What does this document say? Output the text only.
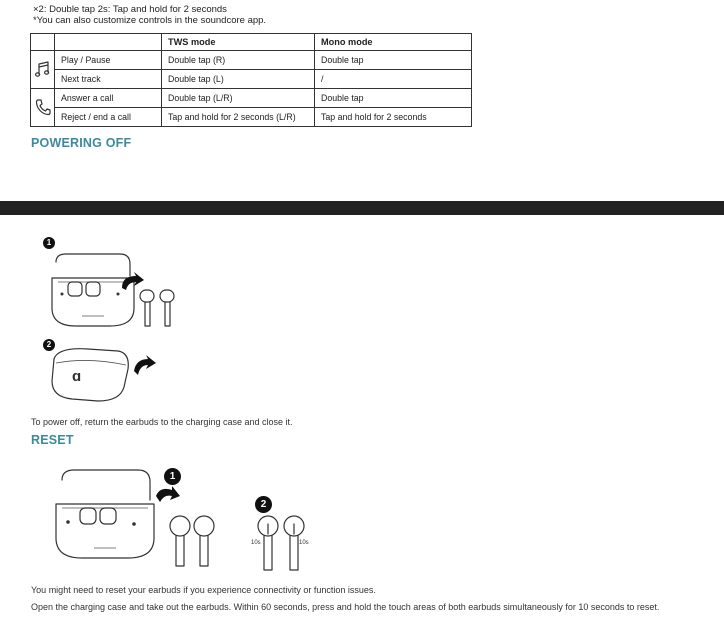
×2: Double tap 2s: Tap and hold for 2 seconds
*You can also customize controls in the soundcore app.
		TWS mode	Mono mode
	Play / Pause	Double tap (R)	Double tap
	Next track	Double tap (L)	/
	Answer a call	Double tap (L/R)	Double tap
	Reject / end a call	Tap and hold for 2 seconds (L/R)	Tap and hold for 2 seconds
POWERING OFF
1
2
ɑ
To power off, return the earbuds to the charging case and close it.
RESET
1
2
10s	10s
You might need to reset your earbuds if you experience connectivity or function issues.
Open the charging case and take out the earbuds. Within 60 seconds, press and hold the touch areas of both earbuds simultaneously for 10 seconds to reset.
